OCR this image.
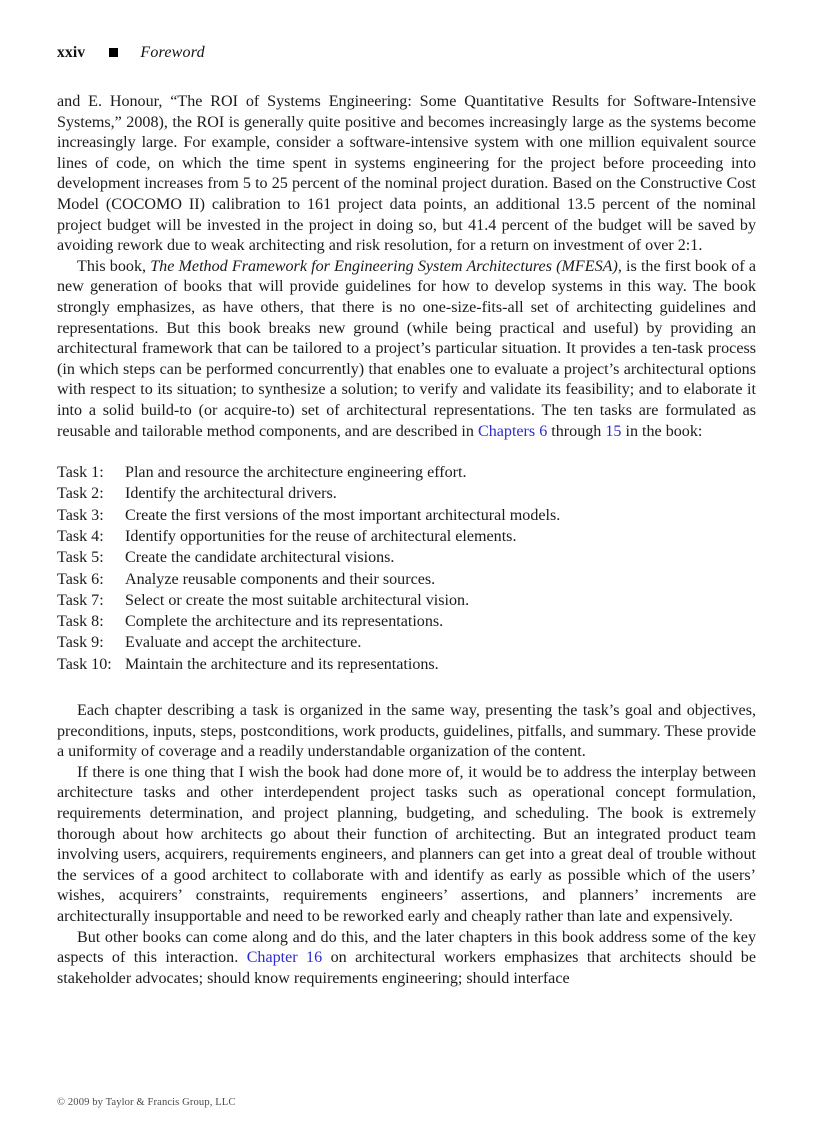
xxiv	Foreword

and E. Honour, “The ROI of Systems Engineering: Some Quantitative Results for Software-Intensive Systems,” 2008), the ROI is generally quite positive and becomes increasingly large as the systems become increasingly large. For example, consider a software-intensive system with one million equivalent source lines of code, on which the time spent in systems engineering for the project before proceeding into development increases from 5 to 25 percent of the nominal project duration. Based on the Constructive Cost Model (COCOMO II) calibration to 161 project data points, an additional 13.5 percent of the nominal project budget will be invested in the project in doing so, but 41.4 percent of the budget will be saved by avoiding rework due to weak architecting and risk resolution, for a return on investment of over 2:1.

This book, The Method Framework for Engineering System Architectures (MFESA), is the first book of a new generation of books that will provide guidelines for how to develop systems in this way. The book strongly emphasizes, as have others, that there is no one-size-fits-all set of architecting guidelines and representations. But this book breaks new ground (while being practical and useful) by providing an architectural framework that can be tailored to a project’s particular situation. It provides a ten-task process (in which steps can be performed concurrently) that enables one to evaluate a project’s architectural options with respect to its situation; to synthesize a solution; to verify and validate its feasibility; and to elaborate it into a solid build-to (or acquire-to) set of architectural representations. The ten tasks are formulated as reusable and tailorable method components, and are described in Chapters 6 through 15 in the book:

Task 1:	Plan and resource the architecture engineering effort.
Task 2:	Identify the architectural drivers.
Task 3:	Create the first versions of the most important architectural models.
Task 4:	Identify opportunities for the reuse of architectural elements.
Task 5:	Create the candidate architectural visions.
Task 6:	Analyze reusable components and their sources.
Task 7:	Select or create the most suitable architectural vision.
Task 8:	Complete the architecture and its representations.
Task 9:	Evaluate and accept the architecture.
Task 10: Maintain the architecture and its representations.

Each chapter describing a task is organized in the same way, presenting the task’s goal and objectives, preconditions, inputs, steps, postconditions, work products, guidelines, pitfalls, and summary. These provide a uniformity of coverage and a readily understandable organization of the content.

If there is one thing that I wish the book had done more of, it would be to address the interplay between architecture tasks and other interdependent project tasks such as operational concept formulation, requirements determination, and project planning, budgeting, and scheduling. The book is extremely thorough about how architects go about their function of architecting. But an integrated product team involving users, acquirers, requirements engineers, and planners can get into a great deal of trouble without the services of a good architect to collaborate with and identify as early as possible which of the users’ wishes, acquirers’ constraints, requirements engineers’ assertions, and planners’ increments are architecturally insupportable and need to be reworked early and cheaply rather than late and expensively.

But other books can come along and do this, and the later chapters in this book address some of the key aspects of this interaction. Chapter 16 on architectural workers emphasizes that architects should be stakeholder advocates; should know requirements engineering; should interface

© 2009 by Taylor & Francis Group, LLC
